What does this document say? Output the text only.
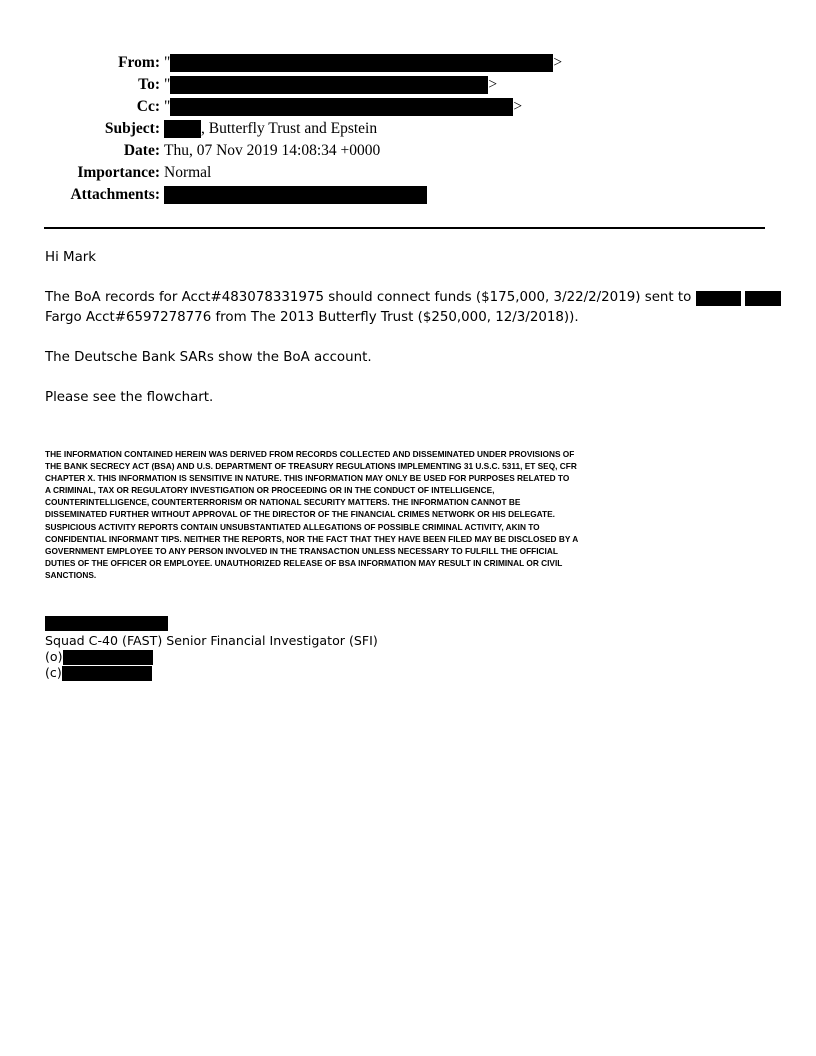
From: "	>
To: "	>
Cc: "	>
Subject:	, Butterfly Trust and Epstein
Date: Thu, 07 Nov 2019 14:08:34 +0000
Importance: Normal
Attachments:
Hi Mark
The BoA records for Acct#483078331975 should connect funds ($175,000, 3/22/2/2019) sent to
Fargo Acct#6597278776 from The 2013 Butterfly Trust ($250,000, 12/3/2018)).
The Deutsche Bank SARs show the BoA account.
Please see the flowchart.
THE INFORMATION CONTAINED HEREIN WAS DERIVED FROM RECORDS COLLECTED AND DISSEMINATED UNDER PROVISIONS OF
THE BANK SECRECY ACT (BSA) AND U.S. DEPARTMENT OF TREASURY REGULATIONS IMPLEMENTING 31 U.S.C. 5311, ET SEQ, CFR
CHAPTER X. THIS INFORMATION IS SENSITIVE IN NATURE. THIS INFORMATION MAY ONLY BE USED FOR PURPOSES RELATED TO
A CRIMINAL, TAX OR REGULATORY INVESTIGATION OR PROCEEDING OR IN THE CONDUCT OF INTELLIGENCE,
COUNTERINTELLIGENCE, COUNTERTERRORISM OR NATIONAL SECURITY MATTERS. THE INFORMATION CANNOT BE
DISSEMINATED FURTHER WITHOUT APPROVAL OF THE DIRECTOR OF THE FINANCIAL CRIMES NETWORK OR HIS DELEGATE.
SUSPICIOUS ACTIVITY REPORTS CONTAIN UNSUBSTANTIATED ALLEGATIONS OF POSSIBLE CRIMINAL ACTIVITY, AKIN TO
CONFIDENTIAL INFORMANT TIPS. NEITHER THE REPORTS, NOR THE FACT THAT THEY HAVE BEEN FILED MAY BE DISCLOSED BY A
GOVERNMENT EMPLOYEE TO ANY PERSON INVOLVED IN THE TRANSACTION UNLESS NECESSARY TO FULFILL THE OFFICIAL
DUTIES OF THE OFFICER OR EMPLOYEE. UNAUTHORIZED RELEASE OF BSA INFORMATION MAY RESULT IN CRIMINAL OR CIVIL
SANCTIONS.
Squad C-40 (FAST) Senior Financial Investigator (SFI)
(o)
(c)
